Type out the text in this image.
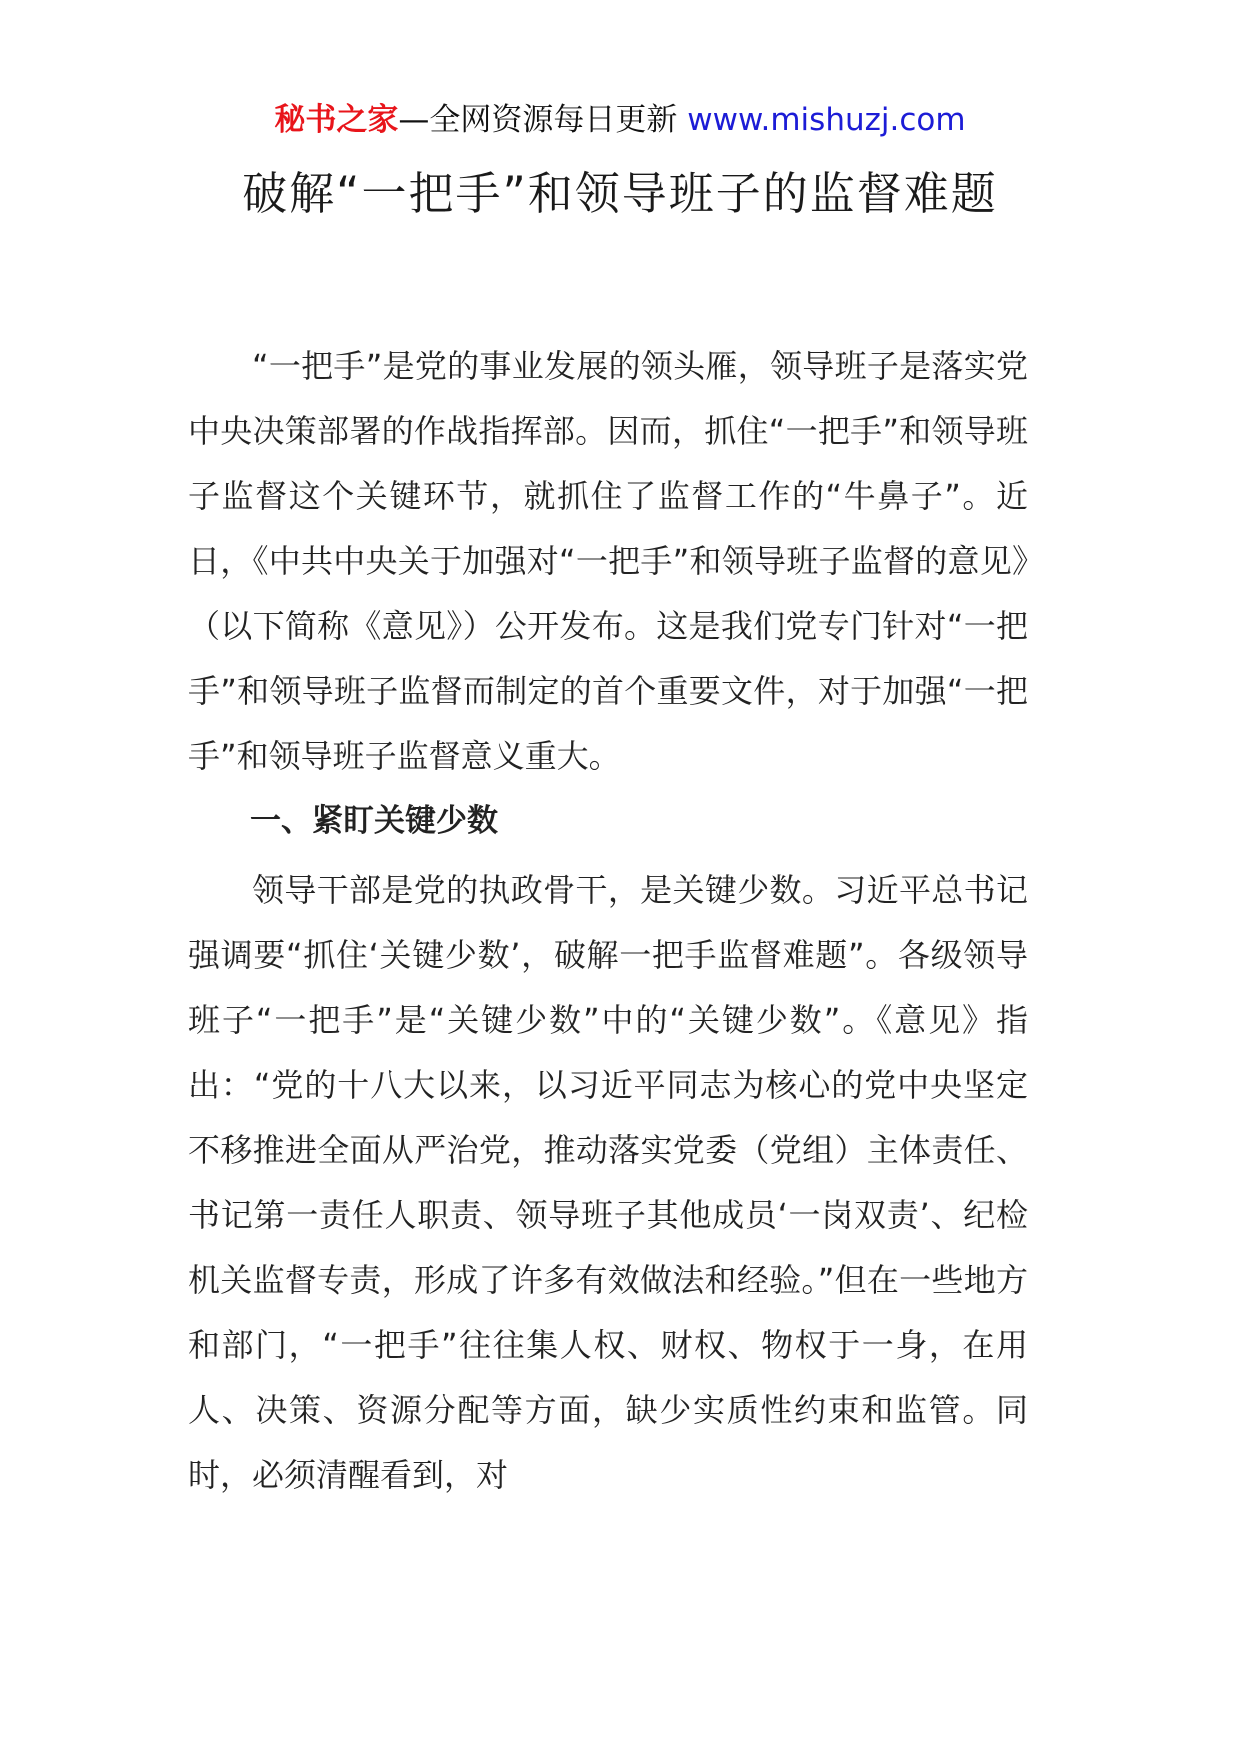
秘书之家—全网资源每日更新 www.mishuzj.com
破解“一把手”和领导班子的监督难题

“一把手”是党的事业发展的领头雁，领导班子是落实党中央决策部署的作战指挥部。因而，抓住“一把手”和领导班子监督这个关键环节，就抓住了监督工作的“牛鼻子”。近日，《中共中央关于加强对“一把手”和领导班子监督的意见》（以下简称《意见》）公开发布。这是我们党专门针对“一把手”和领导班子监督而制定的首个重要文件，对于加强“一把手”和领导班子监督意义重大。

一、紧盯关键少数

领导干部是党的执政骨干，是关键少数。习近平总书记强调要“抓住‘关键少数’，破解一把手监督难题”。各级领导班子“一把手”是“关键少数”中的“关键少数”。《意见》指出：“党的十八大以来，以习近平同志为核心的党中央坚定不移推进全面从严治党，推动落实党委（党组）主体责任、书记第一责任人职责、领导班子其他成员‘一岗双责’、纪检机关监督专责，形成了许多有效做法和经验。”但在一些地方和部门，“一把手”往往集人权、财权、物权于一身，在用人、决策、资源分配等方面，缺少实质性约束和监管。同时，必须清醒看到，对
